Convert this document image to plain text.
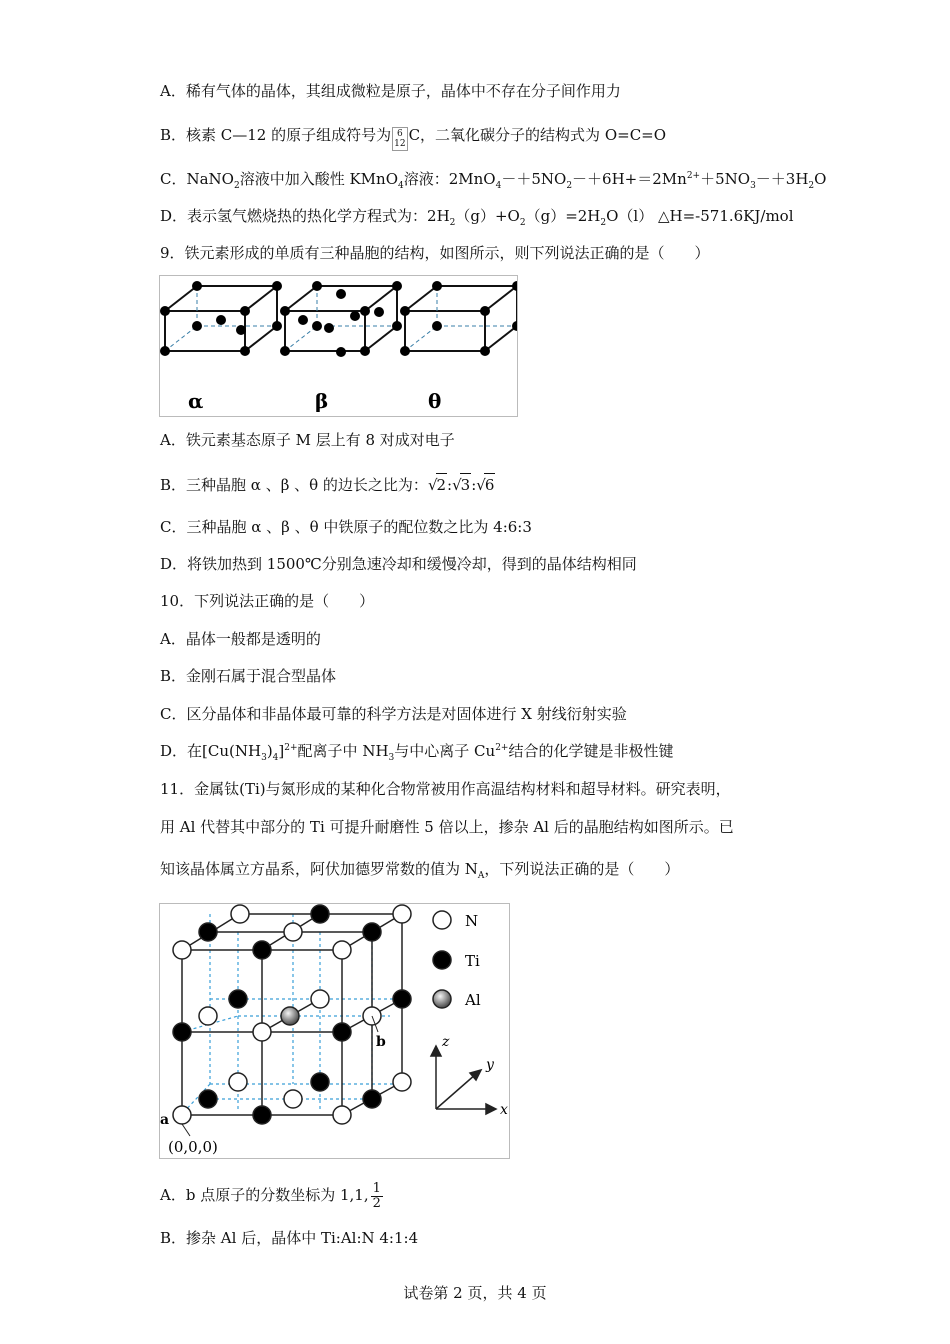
A．稀有气体的晶体，其组成微粒是原子，晶体中不存在分子间作用力
B．核素 C—12 的原子组成符号为 6
12 C，二氧化碳分子的结构式为 O=C=O
C．NaNO$_2$溶液中加入酸性 KMnO$_4$溶液：$2MnO_4-+5NO_2-+6H+=2Mn^{2+}+5NO_3-+3H_2O$
D．表示氢气燃烧热的热化学方程式为：$2H_2(g)+O_2(g)=2H_2O(l)$ △H=-571.6KJ/mol
9．铁元素形成的单质有三种晶胞的结构，如图所示，则下列说法正确的是（　　）
α	β	θ
A．铁元素基态原子 M 层上有 8 对成对电子
B．三种晶胞 α 、β 、θ 的边长之比为：√2:√3:√6
C．三种晶胞 α 、β 、θ 中铁原子的配位数之比为 4:6:3
D．将铁加热到 1500℃分别急速冷却和缓慢冷却，得到的晶体结构相同
10．下列说法正确的是（　　）
A．晶体一般都是透明的
B．金刚石属于混合型晶体
C．区分晶体和非晶体最可靠的科学方法是对固体进行 X 射线衍射实验
D．在$[Cu(NH_3)_4]^{2+}$配离子中 $NH_3$与中心离子 $Cu^{2+}$结合的化学键是非极性键
11．金属钛(Ti)与氮形成的某种化合物常被用作高温结构材料和超导材料。研究表明，
用 Al 代替其中部分的 Ti 可提升耐磨性 5 倍以上，掺杂 Al 后的晶胞结构如图所示。已
知该晶体属立方晶系，阿伏加德罗常数的值为 $N_A$，下列说法正确的是（　　）
a
(0,0,0)
b
N
Ti
Al
z
y
x
A．b 点原子的分数坐标为 1,1, $\frac{1}{2}$
B．掺杂 Al 后，晶体中 Ti:Al:N 4:1:4
试卷第 2 页，共 4 页
